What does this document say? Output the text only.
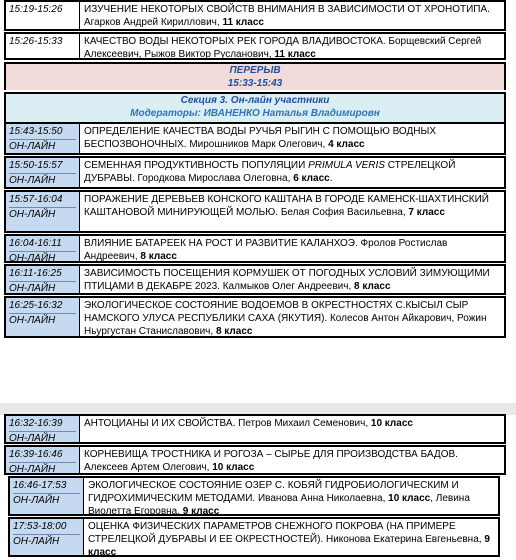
15:19-15:26	ИЗУЧЕНИЕ НЕКОТОРЫХ СВОЙСТВ ВНИМАНИЯ В ЗАВИСИМОСТИ ОТ ХРОНОТИПА. Агарков Андрей Кириллович, 11 класс
15:26-15:33	КАЧЕСТВО ВОДЫ НЕКОТОРЫХ РЕК ГОРОДА ВЛАДИВОСТОКА. Борщевский Сергей Алексеевич, Рыжов Виктор Русланович, 11 класс
ПЕРЕРЫВ
15:33-15:43
Секция 3. Он-лайн участники
Модераторы: ИВАНЕНКО Наталья Владимировн
15:43-15:50
ОН-ЛАЙН
ОПРЕДЕЛЕНИЕ КАЧЕСТВА ВОДЫ РУЧЬЯ РЫГИН С ПОМОЩЬЮ ВОДНЫХ БЕСПОЗВОНОЧНЫХ. Мирошников Марк Олегович, 4 класс
15:50-15:57
ОН-ЛАЙН
СЕМЕННАЯ ПРОДУКТИВНОСТЬ ПОПУЛЯЦИИ PRIMULA VERIS СТРЕЛЕЦКОЙ ДУБРАВЫ. Городкова Мирослава Олеговна, 6 класс.
15:57-16:04
ОН-ЛАЙН
ПОРАЖЕНИЕ ДЕРЕВЬЕВ КОНСКОГО КАШТАНА В ГОРОДЕ КАМЕНСК-ШАХТИНСКИЙ КАШТАНОВОЙ МИНИРУЮЩЕЙ МОЛЬЮ. Белая София Васильевна, 7 класс
16:04-16:11
ОН-ЛАЙН
ВЛИЯНИЕ БАТАРЕЕК НА РОСТ И РАЗВИТИЕ КАЛАНХОЭ. Фролов Ростислав Андреевич, 8 класс
16:11-16:25
ОН-ЛАЙН
ЗАВИСИМОСТЬ ПОСЕЩЕНИЯ КОРМУШЕК ОТ ПОГОДНЫХ УСЛОВИЙ ЗИМУЮЩИМИ ПТИЦАМИ В ДЕКАБРЕ 2023. Калмыков Олег Андреевич, 8 класс
16:25-16:32
ОН-ЛАЙН
ЭКОЛОГИЧЕСКОЕ СОСТОЯНИЕ ВОДОЕМОВ В ОКРЕСТНОСТЯХ С.КЫСЫЛ СЫР НАМСКОГО УЛУСА РЕСПУБЛИКИ САХА (ЯКУТИЯ). Колесов Антон Айкарович, Рожин Ньургустан Станиславович, 8 класс
16:32-16:39
ОН-ЛАЙН
АНТОЦИАНЫ И ИХ СВОЙСТВА. Петров Михаил Семенович, 10 класс
16:39-16:46
ОН-ЛАЙН
КОРНЕВИЩА ТРОСТНИКА И РОГОЗА – СЫРЬЕ ДЛЯ ПРОИЗВОДСТВА БАДОВ. Алексеев Артем Олегович, 10 класс
16:46-17:53
ОН-ЛАЙН
ЭКОЛОГИЧЕСКОЕ СОСТОЯНИЕ ОЗЕР С. КОБЯЙ ГИДРОБИОЛОГИЧЕСКИМ И ГИДРОХИМИЧЕСКИМ МЕТОДАМИ. Иванова Анна Николаевна, 10 класс, Левина Виолетта Егоровна, 9 класс
17:53-18:00
ОН-ЛАЙН
ОЦЕНКА ФИЗИЧЕСКИХ ПАРАМЕТРОВ СНЕЖНОГО ПОКРОВА (НА ПРИМЕРЕ СТРЕЛЕЦКОЙ ДУБРАВЫ И ЕЕ ОКРЕСТНОСТЕЙ). Никонова Екатерина Евгеньевна, 9 класс
